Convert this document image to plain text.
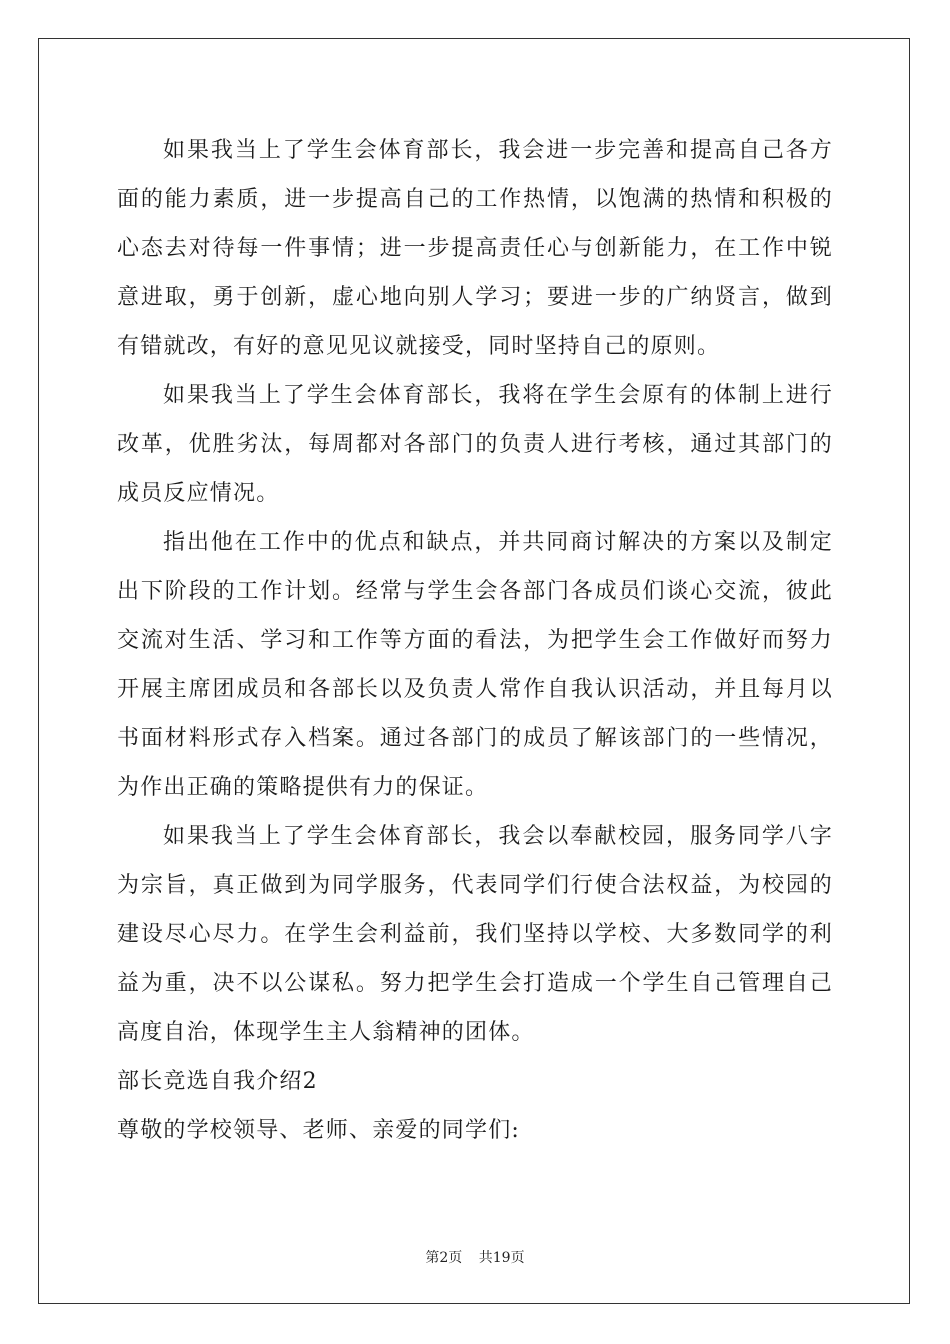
如果我当上了学生会体育部长，我会进一步完善和提高自己各方面的能力素质，进一步提高自己的工作热情，以饱满的热情和积极的心态去对待每一件事情；进一步提高责任心与创新能力，在工作中锐意进取，勇于创新，虚心地向别人学习；要进一步的广纳贤言，做到有错就改，有好的意见见议就接受，同时坚持自己的原则。

如果我当上了学生会体育部长，我将在学生会原有的体制上进行改革，优胜劣汰，每周都对各部门的负责人进行考核，通过其部门的成员反应情况。

指出他在工作中的优点和缺点，并共同商讨解决的方案以及制定出下阶段的工作计划。经常与学生会各部门各成员们谈心交流，彼此交流对生活、学习和工作等方面的看法，为把学生会工作做好而努力开展主席团成员和各部长以及负责人常作自我认识活动，并且每月以书面材料形式存入档案。通过各部门的成员了解该部门的一些情况，为作出正确的策略提供有力的保证。

如果我当上了学生会体育部长，我会以奉献校园，服务同学八字为宗旨，真正做到为同学服务，代表同学们行使合法权益，为校园的建设尽心尽力。在学生会利益前，我们坚持以学校、大多数同学的利益为重，决不以公谋私。努力把学生会打造成一个学生自己管理自己高度自治，体现学生主人翁精神的团体。

部长竞选自我介绍2

尊敬的学校领导、老师、亲爱的同学们:

第2页 共19页
